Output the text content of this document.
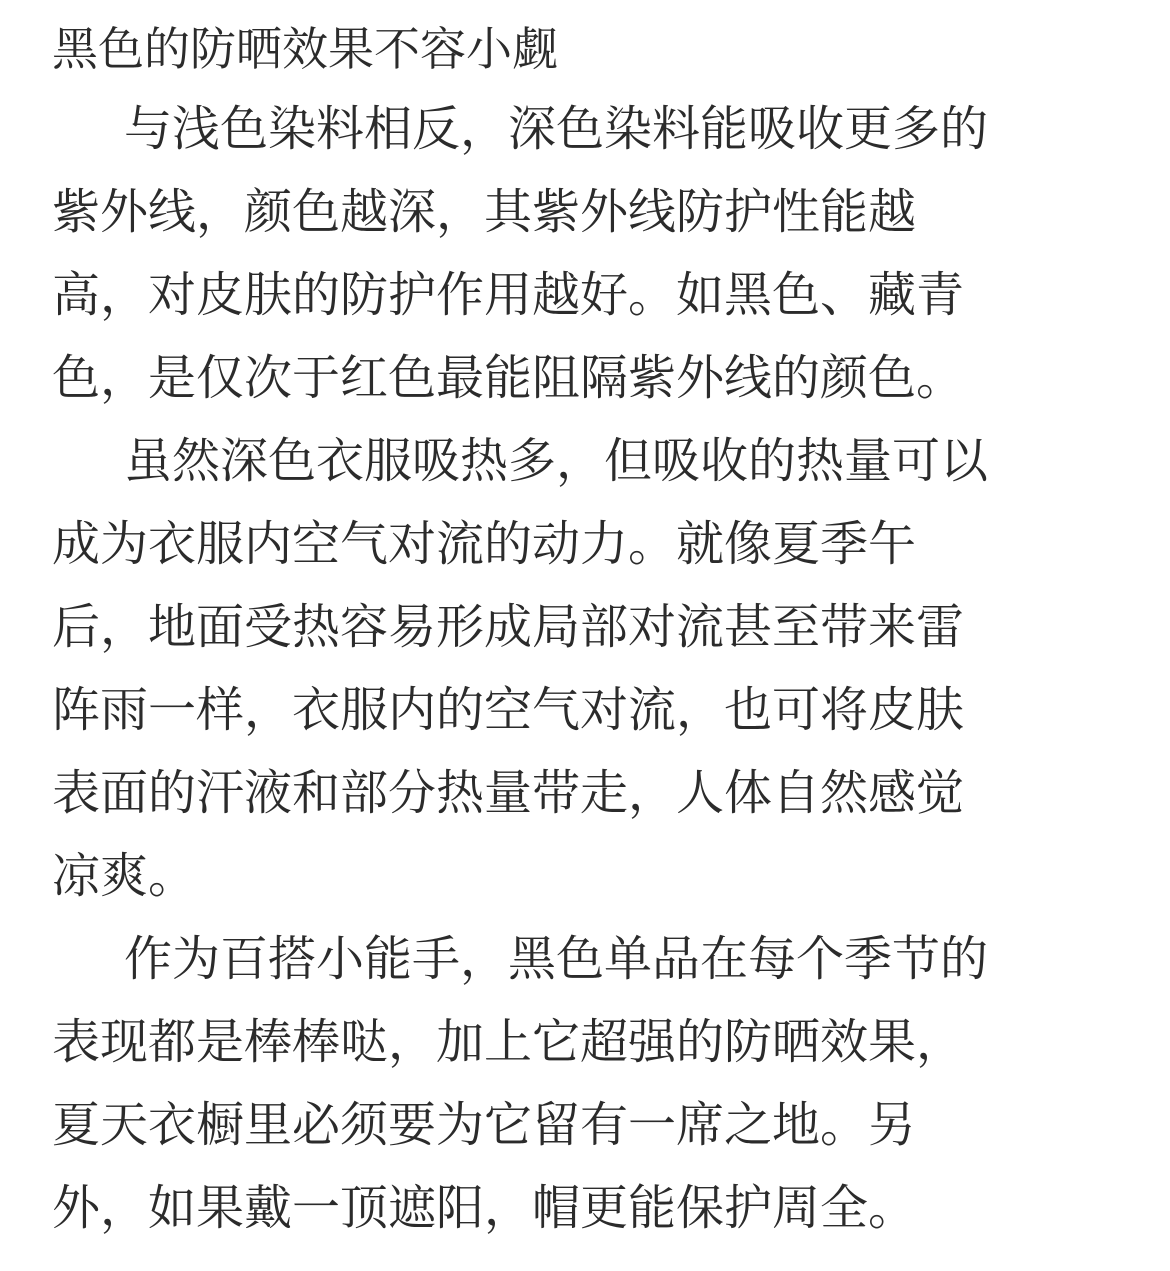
黑色的防晒效果不容小觑
与浅色染料相反，深色染料能吸收更多的
紫外线，颜色越深，其紫外线防护性能越
高，对皮肤的防护作用越好。如黑色、藏青
色，是仅次于红色最能阻隔紫外线的颜色。
虽然深色衣服吸热多，但吸收的热量可以
成为衣服内空气对流的动力。就像夏季午
后，地面受热容易形成局部对流甚至带来雷
阵雨一样，衣服内的空气对流，也可将皮肤
表面的汗液和部分热量带走，人体自然感觉
凉爽。
作为百搭小能手，黑色单品在每个季节的
表现都是棒棒哒，加上它超强的防晒效果，
夏天衣橱里必须要为它留有一席之地。另
外，如果戴一顶遮阳，帽更能保护周全。
